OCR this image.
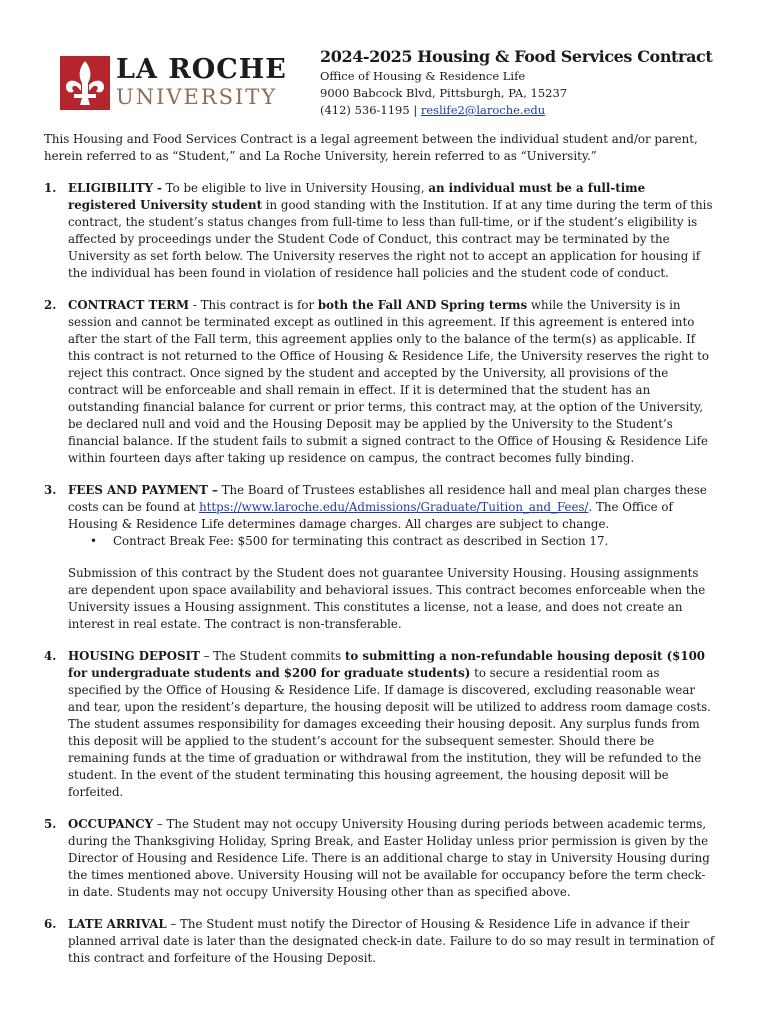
LA ROCHE
UNIVERSITY
2024-2025 Housing & Food Services Contract
Office of Housing & Residence Life
9000 Babcock Blvd, Pittsburgh, PA, 15237
(412) 536-1195 | reslife2@laroche.edu

This Housing and Food Services Contract is a legal agreement between the individual student and/or parent, herein referred to as “Student,” and La Roche University, herein referred to as “University.”

1. ELIGIBILITY - To be eligible to live in University Housing, an individual must be a full-time registered University student in good standing with the Institution. If at any time during the term of this contract, the student’s status changes from full-time to less than full-time, or if the student’s eligibility is affected by proceedings under the Student Code of Conduct, this contract may be terminated by the University as set forth below. The University reserves the right not to accept an application for housing if the individual has been found in violation of residence hall policies and the student code of conduct.

2. CONTRACT TERM - This contract is for both the Fall AND Spring terms while the University is in session and cannot be terminated except as outlined in this agreement. If this agreement is entered into after the start of the Fall term, this agreement applies only to the balance of the term(s) as applicable. If this contract is not returned to the Office of Housing & Residence Life, the University reserves the right to reject this contract. Once signed by the student and accepted by the University, all provisions of the contract will be enforceable and shall remain in effect. If it is determined that the student has an outstanding financial balance for current or prior terms, this contract may, at the option of the University, be declared null and void and the Housing Deposit may be applied by the University to the Student’s financial balance. If the student fails to submit a signed contract to the Office of Housing & Residence Life within fourteen days after taking up residence on campus, the contract becomes fully binding.

3. FEES AND PAYMENT – The Board of Trustees establishes all residence hall and meal plan charges these costs can be found at https://www.laroche.edu/Admissions/Graduate/Tuition_and_Fees/. The Office of Housing & Residence Life determines damage charges. All charges are subject to change.

• Contract Break Fee: $500 for terminating this contract as described in Section 17.

Submission of this contract by the Student does not guarantee University Housing. Housing assignments are dependent upon space availability and behavioral issues. This contract becomes enforceable when the University issues a Housing assignment. This constitutes a license, not a lease, and does not create an interest in real estate. The contract is non-transferable.

4. HOUSING DEPOSIT – The Student commits to submitting a non-refundable housing deposit ($100 for undergraduate students and $200 for graduate students) to secure a residential room as specified by the Office of Housing & Residence Life. If damage is discovered, excluding reasonable wear and tear, upon the resident’s departure, the housing deposit will be utilized to address room damage costs. The student assumes responsibility for damages exceeding their housing deposit. Any surplus funds from this deposit will be applied to the student’s account for the subsequent semester. Should there be remaining funds at the time of graduation or withdrawal from the institution, they will be refunded to the student. In the event of the student terminating this housing agreement, the housing deposit will be forfeited.

5. OCCUPANCY – The Student may not occupy University Housing during periods between academic terms, during the Thanksgiving Holiday, Spring Break, and Easter Holiday unless prior permission is given by the Director of Housing and Residence Life. There is an additional charge to stay in University Housing during the times mentioned above. University Housing will not be available for occupancy before the term check-in date. Students may not occupy University Housing other than as specified above.

6. LATE ARRIVAL – The Student must notify the Director of Housing & Residence Life in advance if their planned arrival date is later than the designated check-in date. Failure to do so may result in termination of this contract and forfeiture of the Housing Deposit.
